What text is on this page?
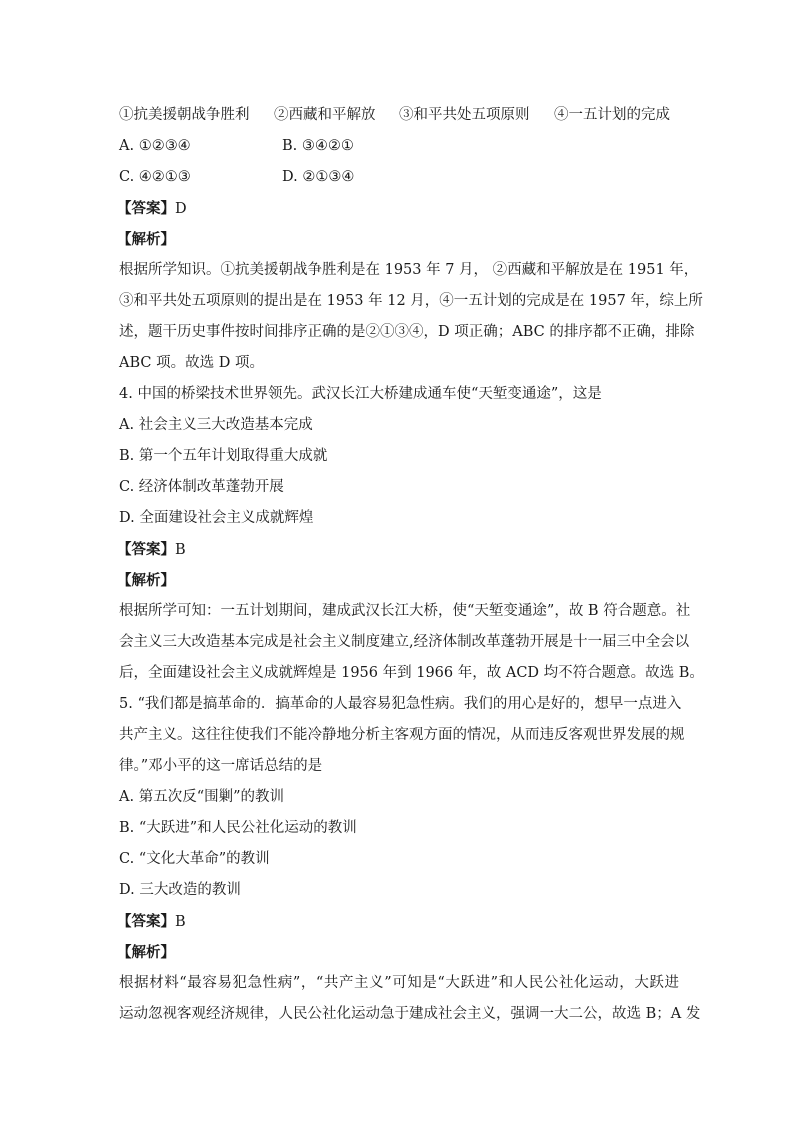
①抗美援朝战争胜利	②西藏和平解放	③和平共处五项原则	④一五计划的完成
A. ①②③④	B. ③④②①
C. ④②①③	D. ②①③④
【答案】D
【解析】
根据所学知识。①抗美援朝战争胜利是在 1953 年 7 月， ②西藏和平解放是在 1951 年，
③和平共处五项原则的提出是在 1953 年 12 月，④一五计划的完成是在 1957 年，综上所
述，题干历史事件按时间排序正确的是②①③④，D 项正确；ABC 的排序都不正确，排除
ABC 项。故选 D 项。
4. 中国的桥梁技术世界领先。武汉长江大桥建成通车使“天堑变通途”，这是
A. 社会主义三大改造基本完成
B. 第一个五年计划取得重大成就
C. 经济体制改革蓬勃开展
D. 全面建设社会主义成就辉煌
【答案】B
【解析】
根据所学可知：一五计划期间，建成武汉长江大桥，使“天堑变通途”，故 B 符合题意。社
会主义三大改造基本完成是社会主义制度建立,经济体制改革蓬勃开展是十一届三中全会以
后，全面建设社会主义成就辉煌是 1956 年到 1966 年，故 ACD 均不符合题意。故选 B。
5. “我们都是搞革命的．搞革命的人最容易犯急性病。我们的用心是好的，想早一点进入
共产主义。这往往使我们不能冷静地分析主客观方面的情况，从而违反客观世界发展的规
律。”邓小平的这一席话总结的是
A. 第五次反“围剿”的教训
B. “大跃进”和人民公社化运动的教训
C. “文化大革命”的教训
D. 三大改造的教训
【答案】B
【解析】
根据材料“最容易犯急性病”，“共产主义”可知是“大跃进”和人民公社化运动，大跃进
运动忽视客观经济规律，人民公社化运动急于建成社会主义，强调一大二公，故选 B；A 发
